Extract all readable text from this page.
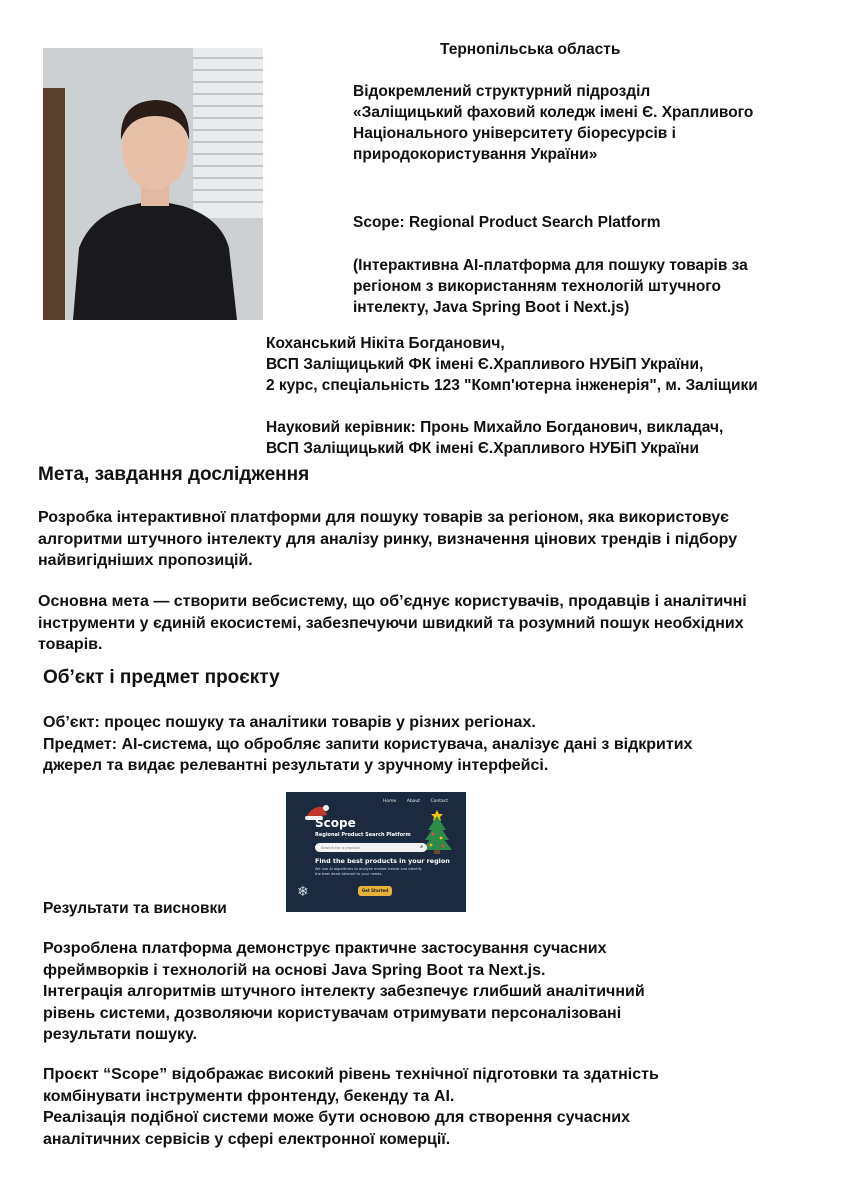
Тернопільська область
Відокремлений структурний підрозділ
«Заліщицький фаховий коледж імені Є. Храпливого
Національного університету біоресурсів і
природокористування України»
Scope: Regional Product Search Platform
(Інтерактивна AI-платформа для пошуку товарів за
регіоном з використанням технологій штучного
інтелекту, Java Spring Boot і Next.js)
Коханський Нікіта Богданович,
ВСП Заліщицький ФК імені Є.Храпливого НУБіП України,
2 курс, спеціальність 123 "Комп'ютерна інженерія", м. Заліщики
Науковий керівник: Пронь Михайло Богданович, викладач,
ВСП Заліщицький ФК імені Є.Храпливого НУБіП України
Мета, завдання дослідження
Розробка інтерактивної платформи для пошуку товарів за регіоном, яка використовує
алгоритми штучного інтелекту для аналізу ринку, визначення цінових трендів і підбору
найвигідніших пропозицій.
Основна мета — створити вебсистему, що об’єднує користувачів, продавців і аналітичні
інструменти у єдиній екосистемі, забезпечуючи швидкий та розумний пошук необхідних
товарів.
Об’єкт і предмет проєкту
Об’єкт: процес пошуку та аналітики товарів у різних регіонах.
Предмет: AI-система, що обробляє запити користувача, аналізує дані з відкритих
джерел та видає релевантні результати у зручному інтерфейсі.
Home About Contact
Scope
Regional Product Search Platform
Search for a product	⌕
Find the best products in your region
We use AI algorithms to analyze market trends and identify the best deals tailored to your needs.
❄	Get Started
Результати та висновки
Розроблена платформа демонструє практичне застосування сучасних
фреймворків і технологій на основі Java Spring Boot та Next.js.
Інтеграція алгоритмів штучного інтелекту забезпечує глибший аналітичний
рівень системи, дозволяючи користувачам отримувати персоналізовані
результати пошуку.
Проєкт “Scope” відображає високий рівень технічної підготовки та здатність
комбінувати інструменти фронтенду, бекенду та AI.
Реалізація подібної системи може бути основою для створення сучасних
аналітичних сервісів у сфері електронної комерції.
